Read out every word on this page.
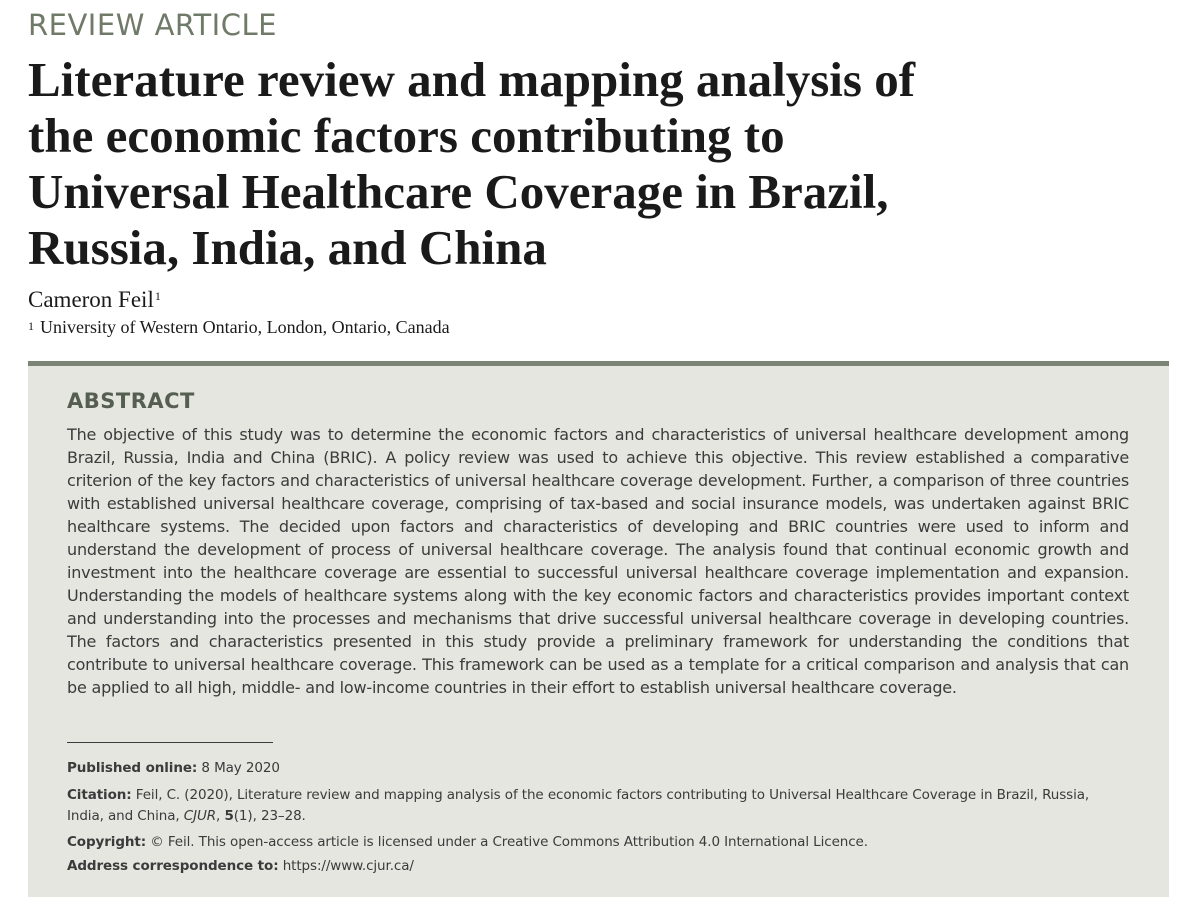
REVIEW ARTICLE
Literature review and mapping analysis of the economic factors contributing to Universal Healthcare Coverage in Brazil, Russia, India, and China
Cameron Feil$^1$
$^1$ University of Western Ontario, London, Ontario, Canada
ABSTRACT

The objective of this study was to determine the economic factors and characteristics of universal healthcare development among Brazil, Russia, India and China (BRIC). A policy review was used to achieve this objective. This review established a comparative criterion of the key factors and characteristics of universal healthcare coverage development. Further, a comparison of three countries with established universal healthcare coverage, comprising of tax-based and social insurance models, was undertaken against BRIC healthcare systems. The decided upon factors and characteristics of developing and BRIC countries were used to inform and understand the development of process of universal healthcare coverage. The analysis found that continual economic growth and investment into the healthcare coverage are essential to successful universal healthcare coverage implementation and expansion. Understanding the models of healthcare systems along with the key economic factors and characteristics provides important context and understanding into the processes and mechanisms that drive successful universal healthcare coverage in developing countries. The factors and characteristics presented in this study provide a preliminary framework for understanding the conditions that contribute to universal healthcare coverage. This framework can be used as a template for a critical comparison and analysis that can be applied to all high, middle- and low-income countries in their effort to establish universal healthcare coverage.

Published online: 8 May 2020

Citation: Feil, C. (2020), Literature review and mapping analysis of the economic factors contributing to Universal Healthcare Coverage in Brazil, Russia, India, and China, CJUR, 5(1), 23–28.

Copyright: © Feil. This open-access article is licensed under a Creative Commons Attribution 4.0 International Licence.

Address correspondence to: https://www.cjur.ca/
